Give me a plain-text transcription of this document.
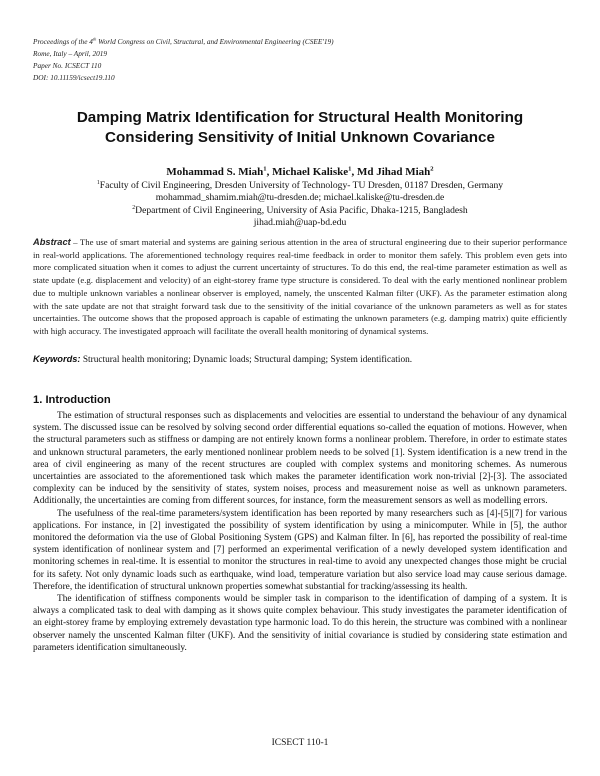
Proceedings of the 4th World Congress on Civil, Structural, and Environmental Engineering (CSEE'19)
Rome, Italy – April, 2019
Paper No. ICSECT 110
DOI: 10.11159/icsect19.110
Damping Matrix Identification for Structural Health Monitoring
Considering Sensitivity of Initial Unknown Covariance
Mohammad S. Miah$^1$, Michael Kaliske$^1$, Md Jihad Miah$^2$
$^1$Faculty of Civil Engineering, Dresden University of Technology- TU Dresden, 01187 Dresden, Germany
mohammad_shamim.miah@tu-dresden.de; michael.kaliske@tu-dresden.de
$^2$Department of Civil Engineering, University of Asia Pacific, Dhaka-1215, Bangladesh
jihad.miah@uap-bd.edu
Abstract – The use of smart material and systems are gaining serious attention in the area of structural engineering due to their superior performance in real-world applications. The aforementioned technology requires real-time feedback in order to monitor them safely. This problem even gets into more complicated situation when it comes to adjust the current uncertainty of structures. To do this end, the real-time parameter estimation as well as state update (e.g. displacement and velocity) of an eight-storey frame type structure is considered. To deal with the early mentioned nonlinear problem due to multiple unknown variables a nonlinear observer is employed, namely, the unscented Kalman filter (UKF). As the parameter estimation along with the sate update are not that straight forward task due to the sensitivity of the initial covariance of the unknown parameters as well as for states uncertainties. The outcome shows that the proposed approach is capable of estimating the unknown parameters (e.g. damping matrix) quite efficiently with high accuracy. The investigated approach will facilitate the overall health monitoring of dynamical systems.
Keywords: Structural health monitoring; Dynamic loads; Structural damping; System identification.
1. Introduction

The estimation of structural responses such as displacements and velocities are essential to understand the behaviour of any dynamical system. The discussed issue can be resolved by solving second order differential equations so-called the equation of motions. However, when the structural parameters such as stiffness or damping are not entirely known forms a nonlinear problem. Therefore, in order to estimate states and unknown structural parameters, the early mentioned nonlinear problem needs to be solved [1]. System identification is a new trend in the area of civil engineering as many of the recent structures are coupled with complex systems and monitoring schemes. As numerous uncertainties are associated to the aforementioned task which makes the parameter identification work non-trivial [2]-[3]. The associated complexity can be induced by the sensitivity of states, system noises, process and measurement noise as well as unknown parameters. Additionally, the uncertainties are coming from different sources, for instance, form the measurement sensors as well as modelling errors.

The usefulness of the real-time parameters/system identification has been reported by many researchers such as [4]-[5][7] for various applications. For instance, in [2] investigated the possibility of system identification by using a minicomputer. While in [5], the author monitored the deformation via the use of Global Positioning System (GPS) and Kalman filter. In [6], has reported the possibility of real-time system identification of nonlinear system and [7] performed an experimental verification of a newly developed system identification and monitoring schemes in real-time. It is essential to monitor the structures in real-time to avoid any unexpected changes those might be crucial for its safety. Not only dynamic loads such as earthquake, wind load, temperature variation but also service load may cause serious damage. Therefore, the identification of structural unknown properties somewhat substantial for tracking/assessing its health.

The identification of stiffness components would be simpler task in comparison to the identification of damping of a system. It is always a complicated task to deal with damping as it shows quite complex behaviour. This study investigates the parameter identification of an eight-storey frame by employing extremely devastation type harmonic load. To do this herein, the structure was combined with a nonlinear observer namely the unscented Kalman filter (UKF). And the sensitivity of initial covariance is studied by considering state estimation and parameters identification simultaneously.

ICSECT 110-1
